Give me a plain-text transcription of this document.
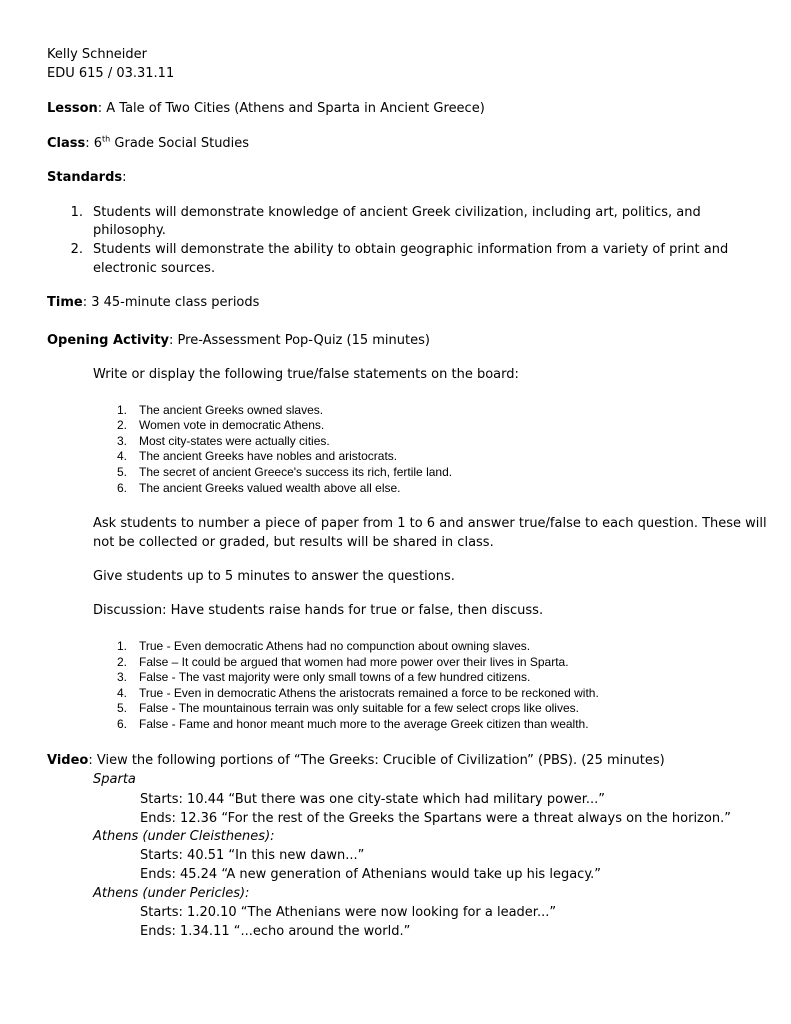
Kelly Schneider
EDU 615 / 03.31.11
Lesson: A Tale of Two Cities (Athens and Sparta in Ancient Greece)
Class: 6th Grade Social Studies
Standards:
1. Students will demonstrate knowledge of ancient Greek civilization, including art, politics, and
philosophy.
2. Students will demonstrate the ability to obtain geographic information from a variety of print and
electronic sources.
Time: 3 45-minute class periods
Opening Activity: Pre-Assessment Pop-Quiz (15 minutes)
Write or display the following true/false statements on the board:
1. The ancient Greeks owned slaves.
2. Women vote in democratic Athens.
3. Most city-states were actually cities.
4. The ancient Greeks have nobles and aristocrats.
5. The secret of ancient Greece's success its rich, fertile land.
6. The ancient Greeks valued wealth above all else.
Ask students to number a piece of paper from 1 to 6 and answer true/false to each question. These will
not be collected or graded, but results will be shared in class.
Give students up to 5 minutes to answer the questions.
Discussion: Have students raise hands for true or false, then discuss.
1. True - Even democratic Athens had no compunction about owning slaves.
2. False – It could be argued that women had more power over their lives in Sparta.
3. False - The vast majority were only small towns of a few hundred citizens.
4. True - Even in democratic Athens the aristocrats remained a force to be reckoned with.
5. False - The mountainous terrain was only suitable for a few select crops like olives.
6. False - Fame and honor meant much more to the average Greek citizen than wealth.
Video: View the following portions of “The Greeks: Crucible of Civilization” (PBS). (25 minutes)
Sparta
Starts: 10.44 “But there was one city-state which had military power...”
Ends: 12.36 “For the rest of the Greeks the Spartans were a threat always on the horizon.”
Athens (under Cleisthenes):
Starts: 40.51 “In this new dawn...”
Ends: 45.24 “A new generation of Athenians would take up his legacy.”
Athens (under Pericles):
Starts: 1.20.10 “The Athenians were now looking for a leader...”
Ends: 1.34.11 “...echo around the world.”
